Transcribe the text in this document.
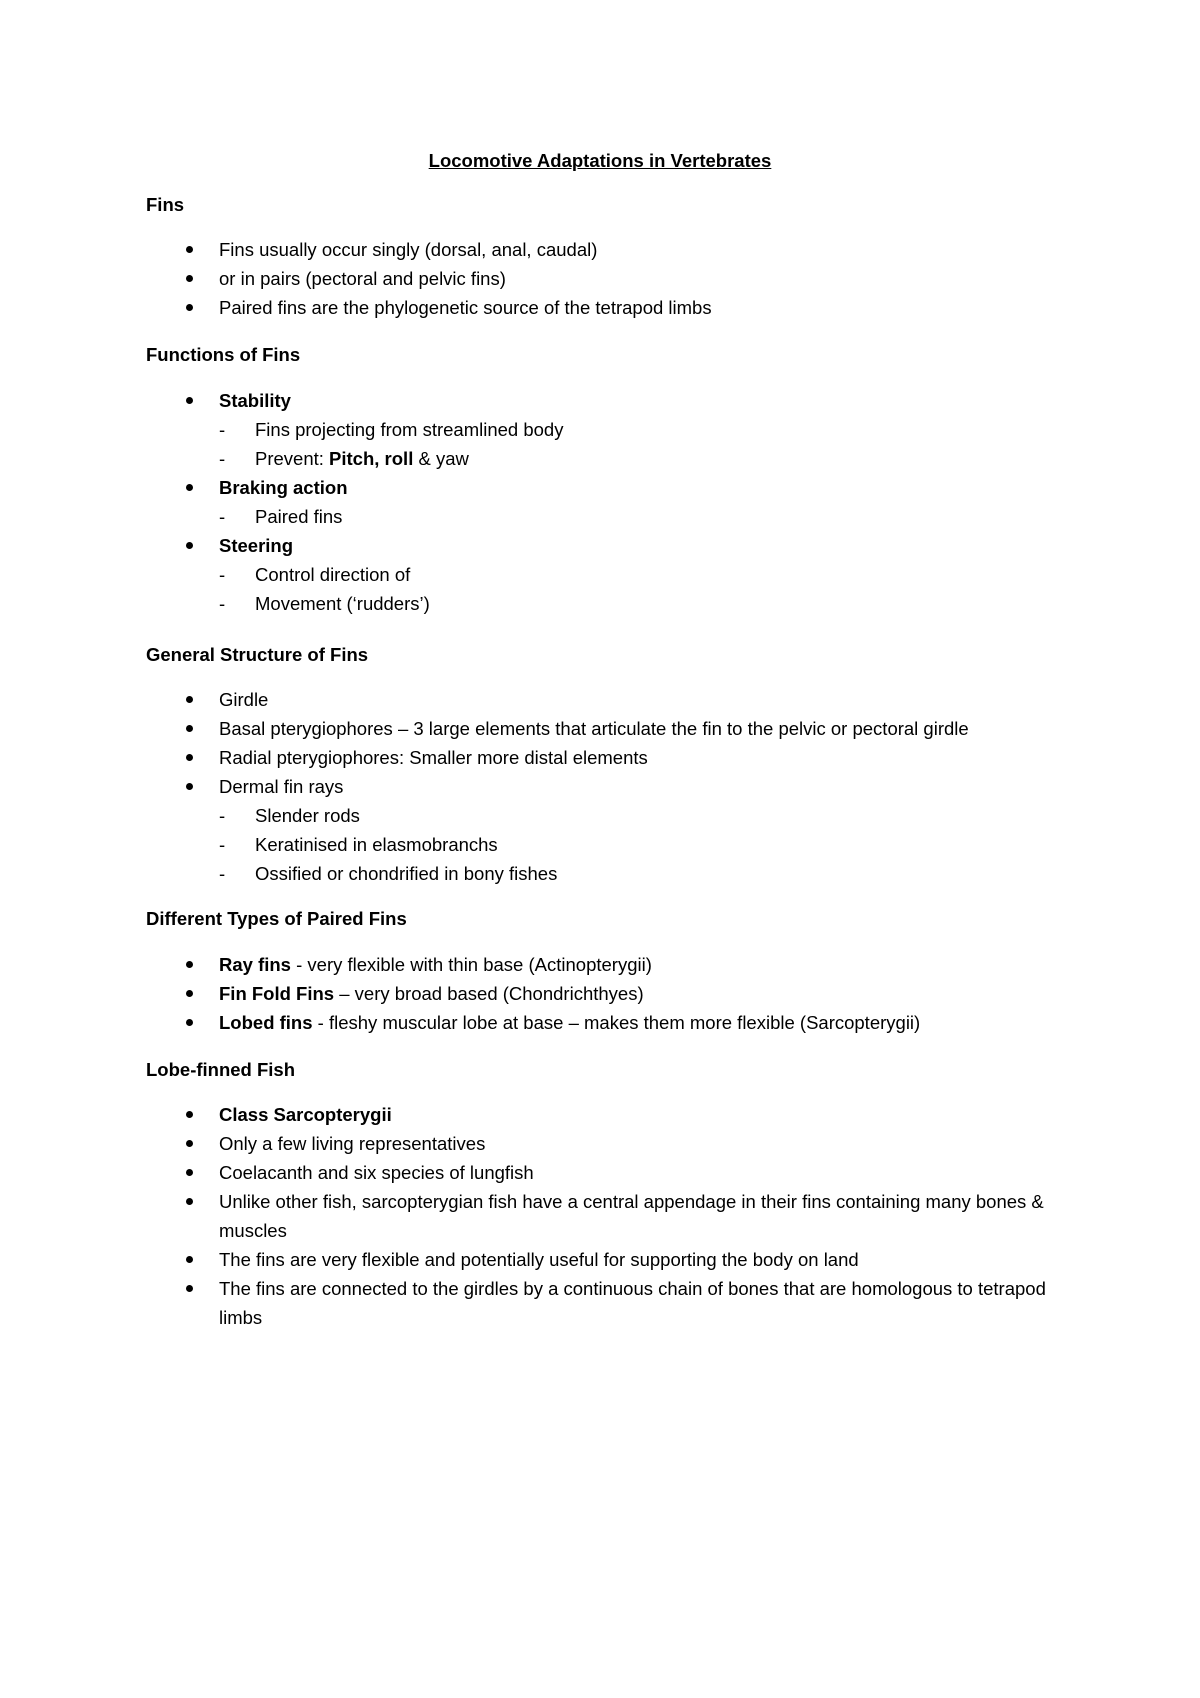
Locomotive Adaptations in Vertebrates
Fins
Fins usually occur singly (dorsal, anal, caudal)
or in pairs (pectoral and pelvic fins)
Paired fins are the phylogenetic source of the tetrapod limbs
Functions of Fins
Stability
- Fins projecting from streamlined body
- Prevent: Pitch, roll & yaw
Braking action
- Paired fins
Steering
- Control direction of
- Movement (‘rudders’)
General Structure of Fins
Girdle
Basal pterygiophores – 3 large elements that articulate the fin to the pelvic or pectoral girdle
Radial pterygiophores: Smaller more distal elements
Dermal fin rays
- Slender rods
- Keratinised in elasmobranchs
- Ossified or chondrified in bony fishes
Different Types of Paired Fins
Ray fins - very flexible with thin base (Actinopterygii)
Fin Fold Fins – very broad based (Chondrichthyes)
Lobed fins - fleshy muscular lobe at base – makes them more flexible (Sarcopterygii)
Lobe-finned Fish
Class Sarcopterygii
Only a few living representatives
Coelacanth and six species of lungfish
Unlike other fish, sarcopterygian fish have a central appendage in their fins containing many bones & muscles
The fins are very flexible and potentially useful for supporting the body on land
The fins are connected to the girdles by a continuous chain of bones that are homologous to tetrapod limbs
